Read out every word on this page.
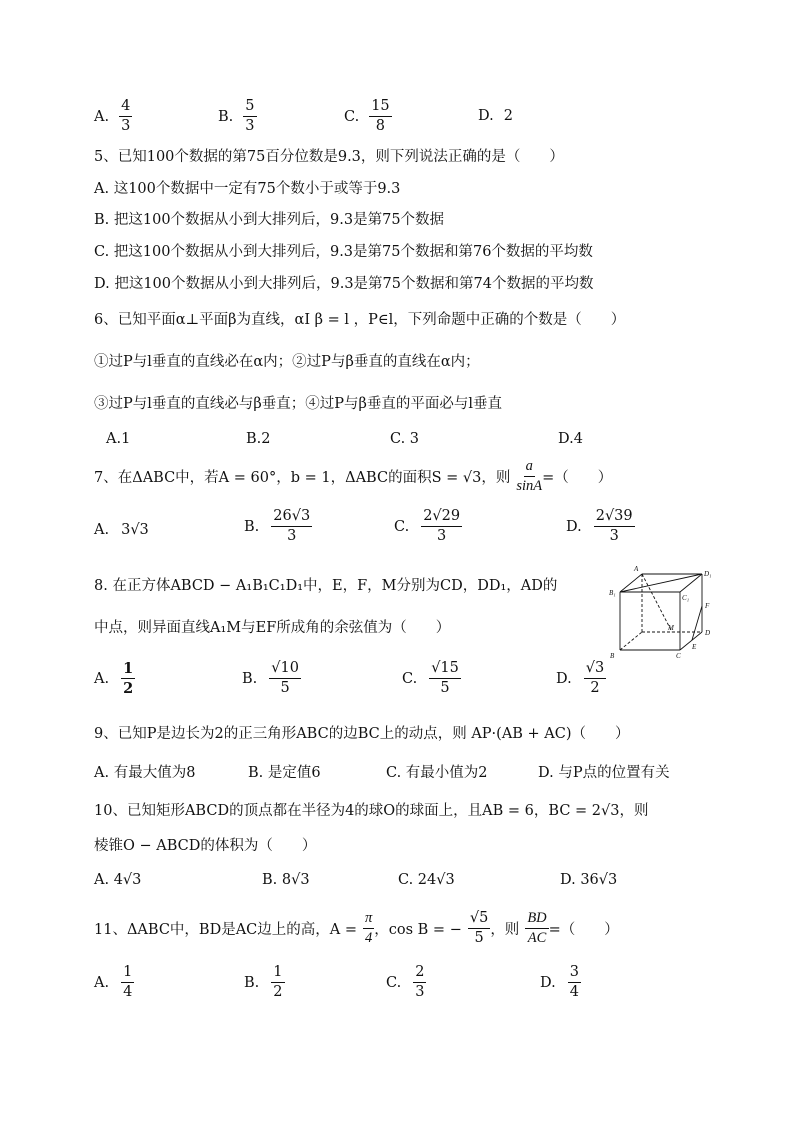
A. $\frac{4}{3}$	B. $\frac{5}{3}$	C. $\frac{15}{8}$	D. 2
5、已知100个数据的第75百分位数是9.3，则下列说法正确的是（　　）
A. 这100个数据中一定有75个数小于或等于9.3
B. 把这100个数据从小到大排列后，9.3是第75个数据
C. 把这100个数据从小到大排列后，9.3是第75个数据和第76个数据的平均数
D. 把这100个数据从小到大排列后，9.3是第75个数据和第74个数据的平均数
6、已知平面α⊥平面β为直线，αⅠ β = l ，P∈l，下列命题中正确的个数是（　　）
①过P与l垂直的直线必在α内；②过P与β垂直的直线在α内；
③过P与l垂直的直线必与β垂直；④过P与β垂直的平面必与l垂直
A.1	B.2	C. 3	D.4
7、在ΔABC中，若A = 60°，b = 1，ΔABC的面积S = √3，则 $\frac{a}{\sin A}$ =（　　）
A. 3√3	B. $\frac{26√3}{3}$	C. $\frac{2√29}{3}$	D. $\frac{2√39}{3}$
8. 在正方体ABCD − A₁B₁C₁D₁中，E，F，M分别为CD，DD₁，AD的
中点，则异面直线A₁M与EF所成角的余弦值为（　　）
A. $\frac{1}{2}$	B. $\frac{√10}{5}$	C. $\frac{√15}{5}$	D. $\frac{√3}{2}$
A
B₁
D₁
C₁
F
M
D
E
C
B
9、已知P是边长为2的正三角形ABC的边BC上的动点，则 AP·(AB + AC)（　　）
A. 有最大值为8	B. 是定值6	C. 有最小值为2	D. 与P点的位置有关
10、已知矩形ABCD的顶点都在半径为4的球O的球面上，且AB = 6，BC = 2√3，则
棱锥O − ABCD的体积为（　　）
A. 4√3	B. 8√3	C. 24√3	D. 36√3
11、ΔABC中，BD是AC边上的高，$A = \frac{\pi}{4}$ ，cos B = − $\frac{√5}{5}$ ，则 $\frac{BD}{AC}$ =（　　）
A. $\frac{1}{4}$	B. $\frac{1}{2}$	C. $\frac{2}{3}$	D. $\frac{3}{4}$
